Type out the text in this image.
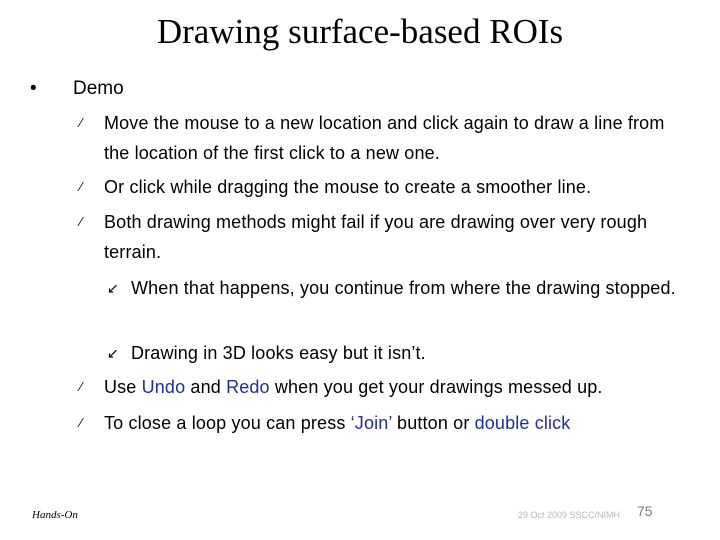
Drawing surface-based ROIs
• Demo
⁄	Move the mouse to a new location and click again to draw a line from the location of the first click to a new one.
⁄	Or click while dragging the mouse to create a smoother line.
⁄	Both drawing methods might fail if you are drawing over very rough terrain.
↙ When that happens, you continue from where the drawing stopped.
↙ Drawing in 3D looks easy but it isn’t.
⁄	Use Undo and Redo when you get your drawings messed up.
⁄	To close a loop you can press ‘Join’ button or double click
Hands-On	29 Oct 2009 SSCC/NIMH 75
